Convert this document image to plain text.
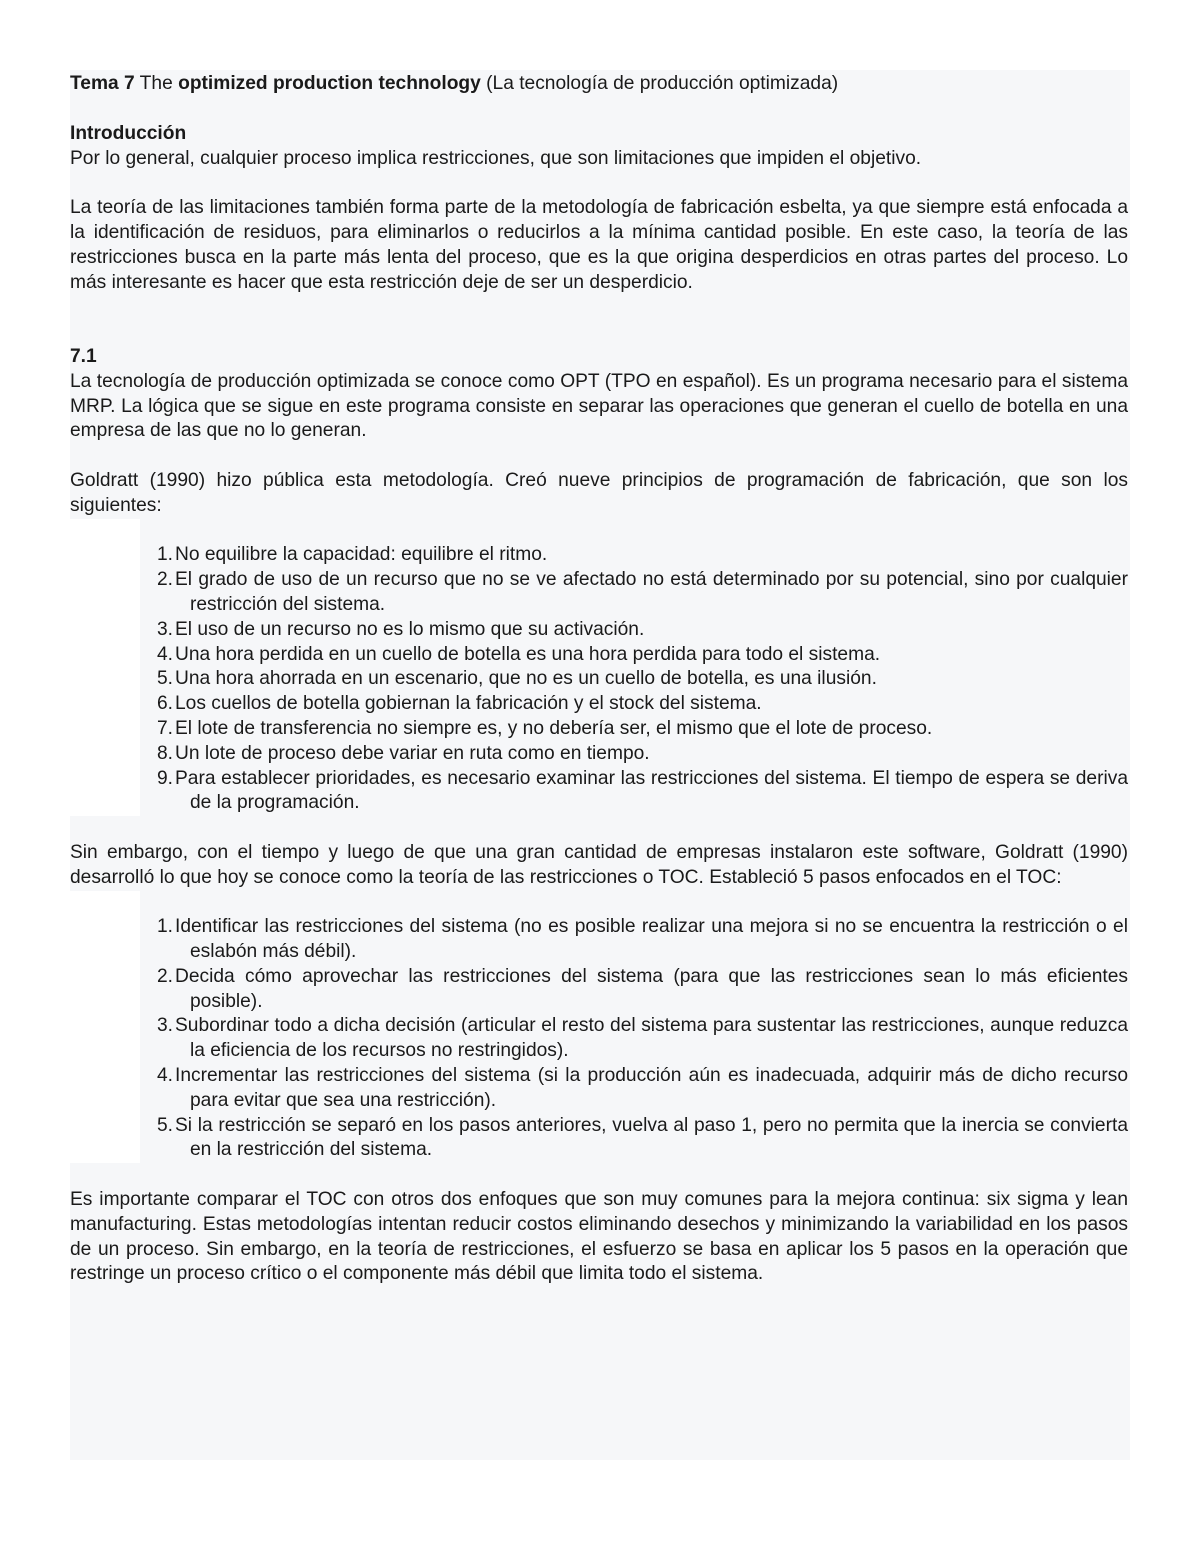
Tema 7 The optimized production technology (La tecnología de producción optimizada)

Introducción

Por lo general, cualquier proceso implica restricciones, que son limitaciones que impiden el objetivo.

La teoría de las limitaciones también forma parte de la metodología de fabricación esbelta, ya que siempre está enfocada a la identificación de residuos, para eliminarlos o reducirlos a la mínima cantidad posible. En este caso, la teoría de las restricciones busca en la parte más lenta del proceso, que es la que origina desperdicios en otras partes del proceso. Lo más interesante es hacer que esta restricción deje de ser un desperdicio.

7.1

La tecnología de producción optimizada se conoce como OPT (TPO en español). Es un programa necesario para el sistema MRP. La lógica que se sigue en este programa consiste en separar las operaciones que generan el cuello de botella en una empresa de las que no lo generan.

Goldratt (1990) hizo pública esta metodología. Creó nueve principios de programación de fabricación, que son los siguientes:

1. No equilibre la capacidad: equilibre el ritmo.
2. El grado de uso de un recurso que no se ve afectado no está determinado por su potencial, sino por cualquier restricción del sistema.
3. El uso de un recurso no es lo mismo que su activación.
4. Una hora perdida en un cuello de botella es una hora perdida para todo el sistema.
5. Una hora ahorrada en un escenario, que no es un cuello de botella, es una ilusión.
6. Los cuellos de botella gobiernan la fabricación y el stock del sistema.
7. El lote de transferencia no siempre es, y no debería ser, el mismo que el lote de proceso.
8. Un lote de proceso debe variar en ruta como en tiempo.
9. Para establecer prioridades, es necesario examinar las restricciones del sistema. El tiempo de espera se deriva de la programación.

Sin embargo, con el tiempo y luego de que una gran cantidad de empresas instalaron este software, Goldratt (1990) desarrolló lo que hoy se conoce como la teoría de las restricciones o TOC. Estableció 5 pasos enfocados en el TOC:

1. Identificar las restricciones del sistema (no es posible realizar una mejora si no se encuentra la restricción o el eslabón más débil).
2. Decida cómo aprovechar las restricciones del sistema (para que las restricciones sean lo más eficientes posible).
3. Subordinar todo a dicha decisión (articular el resto del sistema para sustentar las restricciones, aunque reduzca la eficiencia de los recursos no restringidos).
4. Incrementar las restricciones del sistema (si la producción aún es inadecuada, adquirir más de dicho recurso para evitar que sea una restricción).
5. Si la restricción se separó en los pasos anteriores, vuelva al paso 1, pero no permita que la inercia se convierta en la restricción del sistema.

Es importante comparar el TOC con otros dos enfoques que son muy comunes para la mejora continua: six sigma y lean manufacturing. Estas metodologías intentan reducir costos eliminando desechos y minimizando la variabilidad en los pasos de un proceso. Sin embargo, en la teoría de restricciones, el esfuerzo se basa en aplicar los 5 pasos en la operación que restringe un proceso crítico o el componente más débil que limita todo el sistema.
